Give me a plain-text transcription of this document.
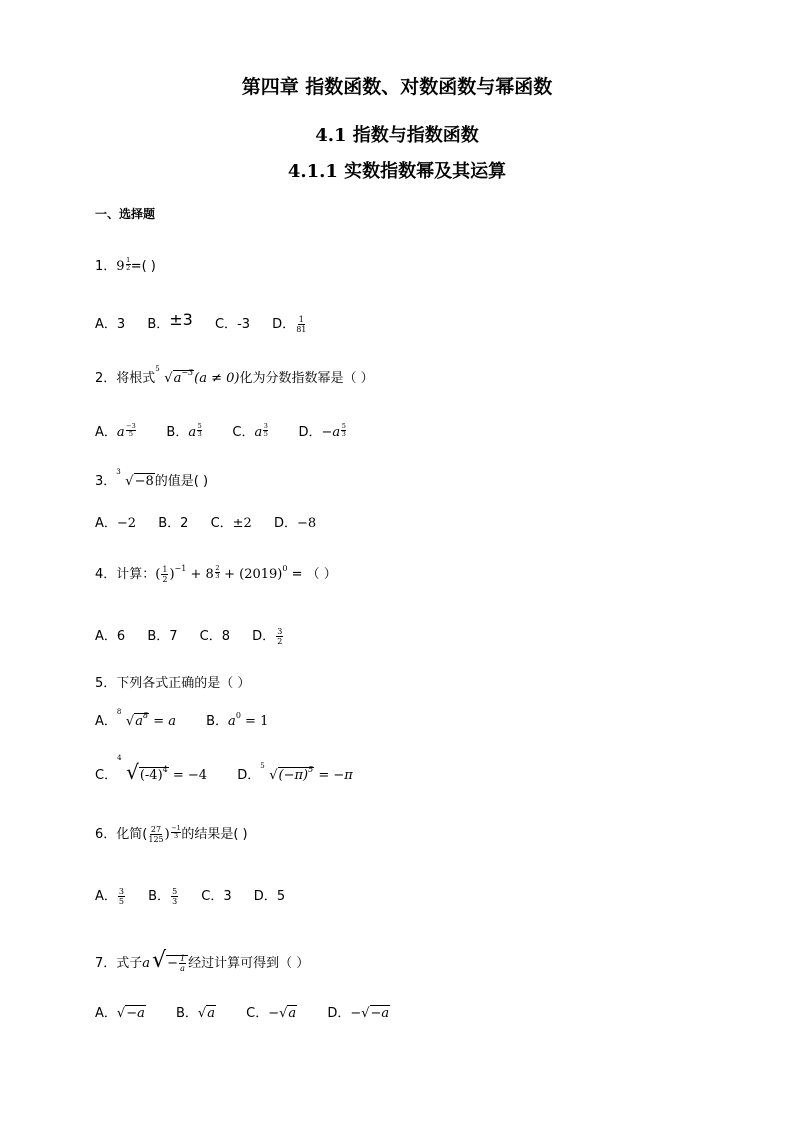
第四章 指数函数、对数函数与幂函数
4.1 指数与指数函数
4.1.1 实数指数幂及其运算
一、选择题
1．$9 \frac{1}{2}$ =( )
A．3 B．±3 C．-3 D． $\frac{1}{81}$
2．将根式
5
$√a^{-3}(a \ne 0)$化为分数指数幂是（ ）
A．a $\frac{-3}{5}$ B．a $\frac{5}{3}$ C．a $\frac{3}{5}$ D．$-a \frac{5}{3}$
3．
3
√−8的值是( )
A．−2 B．2 C．±2 D．−8
4．计算：( $\frac{1}{2} )^{-1} + 8 \frac{2}{3} + (2019)^0$ = （ ）
A．6 B．7 C．8 D． $\frac{3}{2}$
5．下列各式正确的是（ ）
A．
8
$√a^8 = a$ B．$a^0 = 1$
C．
4
$√(-4)^4 = -4$ D．
5
$√(-\pi)^5 = -\pi$
6．化简( $\frac{27}{125}$ ) $\frac{-1}{3}$ 的结果是( )
A． $\frac{3}{5}$ B． $\frac{5}{3}$ C．3 D．5
7．式子$a√- \frac{1}{a}$ 经过计算可得到（ ）
A．√−a B．√a C．−√a D．−√−a
